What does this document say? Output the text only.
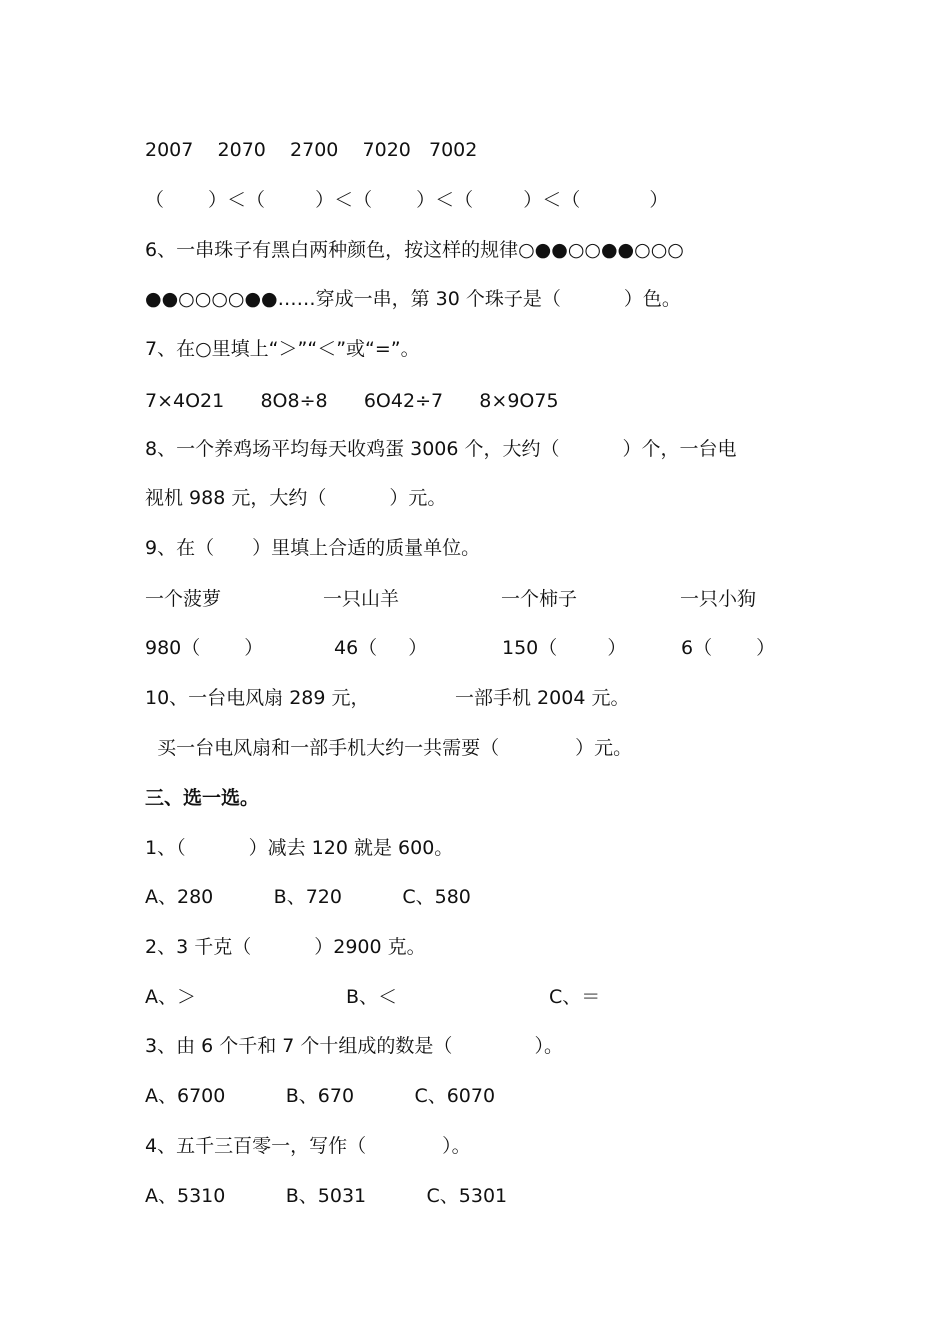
2007    2070    2700    7020   7002
（　　 ）＜（　 　 ）＜（ 　　）＜（　 　 ）＜（　 　　 ）
6、一串珠子有黑白两种颜色，按这样的规律○●●○○●●○○○
●●○○○○●●……穿成一串，第 30 个珠子是（　　　 ）色。
7、在○里填上“＞”“＜”或“=”。
7×4O21      8O8÷8      6O42÷7      8×9O75
8、一个养鸡场平均每天收鸡蛋 3006 个，大约（　　　 ）个，一台电
视机 988 元，大约（　　　 ）元。
9、在（　　）里填上合适的质量单位。
一个菠萝	一只山羊	一个柿子	一只小狗
980（　　 ）	46（　  ）	150（　　  ）	6（　　 ）
10、一台电风扇 289 元，　　　　　一部手机 2004 元。
买一台电风扇和一部手机大约一共需要（　　　　）元。
三、选一选。
1、（　　　 ）减去 120 就是 600。
A、280          B、720          C、580
2、3 千克（　　　 ）2900 克。
A、＞	B、＜	C、＝
3、由 6 个千和 7 个十组成的数是（　　　　 ）。
A、6700          B、670          C、6070
4、五千三百零一，写作（　　　　）。
A、5310          B、5031          C、5301
